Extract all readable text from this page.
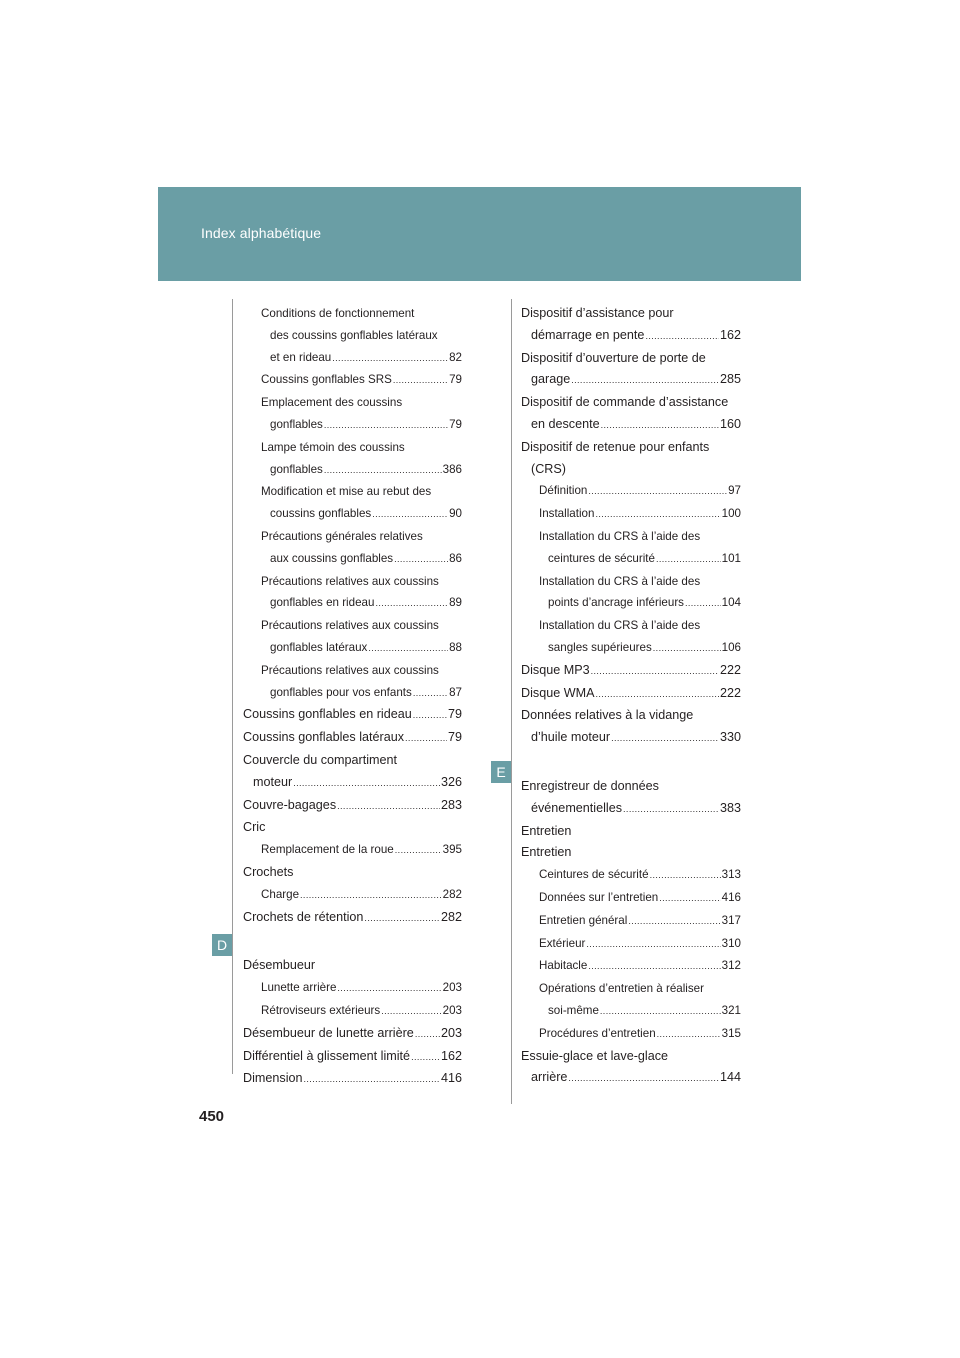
Index alphabétique
Conditions de fonctionnement
des coussins gonflables latéraux
et en rideau .....	82
Coussins gonflables SRS .....	79
Emplacement des coussins
gonflables .....	79
Lampe témoin des coussins
gonflables .....	386
Modification et mise au rebut des
coussins gonflables .....	90
Précautions générales relatives
aux coussins gonflables .....	86
Précautions relatives aux coussins
gonflables en rideau .....	89
Précautions relatives aux coussins
gonflables latéraux .....	88
Précautions relatives aux coussins
gonflables pour vos enfants .....	87
Coussins gonflables en rideau .....	79
Coussins gonflables latéraux .....	79
Couvercle du compartiment
moteur .....	326
Couvre-bagages .....	283
Cric
Remplacement de la roue .....	395
Crochets
Charge .....	282
Crochets de rétention .....	282
Désembueur
Lunette arrière .....	203
Rétroviseurs extérieurs .....	203
Désembueur de lunette arrière ..... 203
Différentiel à glissement limité ..... 162
Dimension .....	416
Dispositif d’assistance pour
démarrage en pente .....	162
Dispositif d’ouverture de porte de
garage .....	285
Dispositif de commande d’assistance
en descente .....	160
Dispositif de retenue pour enfants
(CRS)
Définition .....	97
Installation .....	100
Installation du CRS à l’aide des
ceintures de sécurité .....	101
Installation du CRS à l’aide des
points d’ancrage inférieurs .....	104
Installation du CRS à l’aide des
sangles supérieures .....	106
Disque MP3 .....	222
Disque WMA .....	222
Données relatives à la vidange
d’huile moteur .....	330
Enregistreur de données
événementielles .....	383
Entretien
Entretien
Ceintures de sécurité .....	313
Données sur l’entretien .....	416
Entretien général .....	317
Extérieur .....	310
Habitacle .....	312
Opérations d’entretien à réaliser
soi-même .....	321
Procédures d’entretien .....	315
Essuie-glace et lave-glace
arrière .....	144
D
E
450
